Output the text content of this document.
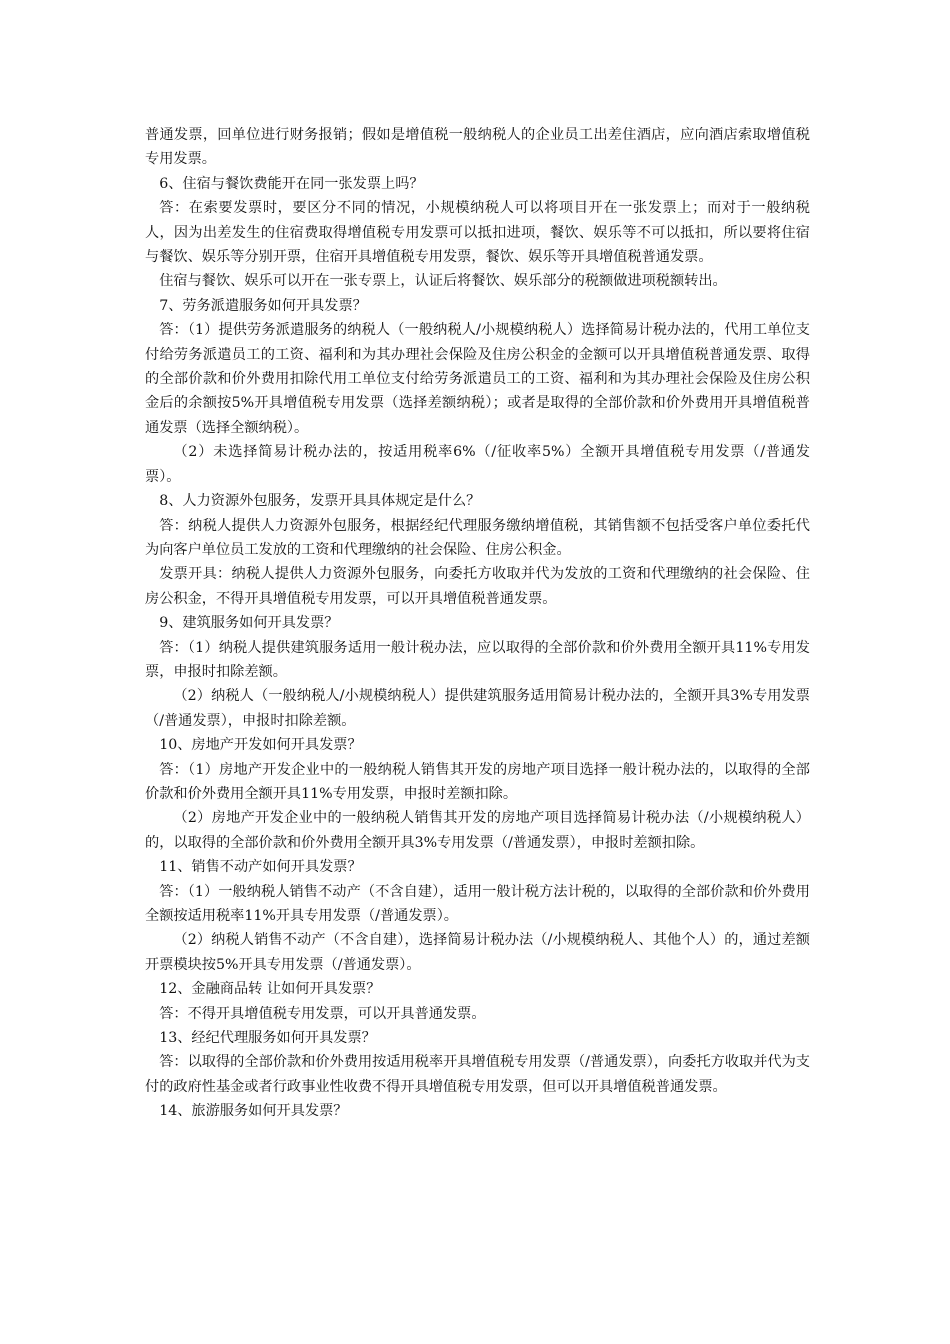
普通发票，回单位进行财务报销；假如是增值税一般纳税人的企业员工出差住酒店，应向酒店索取增值税专用发票。

6、住宿与餐饮费能开在同一张发票上吗？

答：在索要发票时，要区分不同的情况，小规模纳税人可以将项目开在一张发票上；而对于一般纳税人，因为出差发生的住宿费取得增值税专用发票可以抵扣进项，餐饮、娱乐等不可以抵扣，所以要将住宿与餐饮、娱乐等分别开票，住宿开具增值税专用发票，餐饮、娱乐等开具增值税普通发票。

住宿与餐饮、娱乐可以开在一张专票上，认证后将餐饮、娱乐部分的税额做进项税额转出。

7、劳务派遣服务如何开具发票？

答：（1）提供劳务派遣服务的纳税人（一般纳税人/小规模纳税人）选择简易计税办法的，代用工单位支付给劳务派遣员工的工资、福利和为其办理社会保险及住房公积金的金额可以开具增值税普通发票、取得的全部价款和价外费用扣除代用工单位支付给劳务派遣员工的工资、福利和为其办理社会保险及住房公积金后的余额按5%开具增值税专用发票（选择差额纳税）；或者是取得的全部价款和价外费用开具增值税普通发票（选择全额纳税）。

（2）未选择简易计税办法的，按适用税率6%（/征收率5%）全额开具增值税专用发票（/普通发票）。

8、人力资源外包服务，发票开具具体规定是什么？

答：纳税人提供人力资源外包服务，根据经纪代理服务缴纳增值税，其销售额不包括受客户单位委托代为向客户单位员工发放的工资和代理缴纳的社会保险、住房公积金。

发票开具：纳税人提供人力资源外包服务，向委托方收取并代为发放的工资和代理缴纳的社会保险、住房公积金，不得开具增值税专用发票，可以开具增值税普通发票。

9、建筑服务如何开具发票？

答：（1）纳税人提供建筑服务适用一般计税办法，应以取得的全部价款和价外费用全额开具11%专用发票，申报时扣除差额。

（2）纳税人（一般纳税人/小规模纳税人）提供建筑服务适用简易计税办法的，全额开具3%专用发票（/普通发票），申报时扣除差额。

10、房地产开发如何开具发票？

答：（1）房地产开发企业中的一般纳税人销售其开发的房地产项目选择一般计税办法的，以取得的全部价款和价外费用全额开具11%专用发票，申报时差额扣除。

（2）房地产开发企业中的一般纳税人销售其开发的房地产项目选择简易计税办法（/小规模纳税人）的，以取得的全部价款和价外费用全额开具3%专用发票（/普通发票），申报时差额扣除。

11、销售不动产如何开具发票？

答：（1）一般纳税人销售不动产（不含自建），适用一般计税方法计税的，以取得的全部价款和价外费用全额按适用税率11%开具专用发票（/普通发票）。

（2）纳税人销售不动产（不含自建），选择简易计税办法（/小规模纳税人、其他个人）的，通过差额开票模块按5%开具专用发票（/普通发票）。

12、金融商品转 让如何开具发票？

答：不得开具增值税专用发票，可以开具普通发票。

13、经纪代理服务如何开具发票？

答：以取得的全部价款和价外费用按适用税率开具增值税专用发票（/普通发票），向委托方收取并代为支付的政府性基金或者行政事业性收费不得开具增值税专用发票，但可以开具增值税普通发票。

14、旅游服务如何开具发票？
